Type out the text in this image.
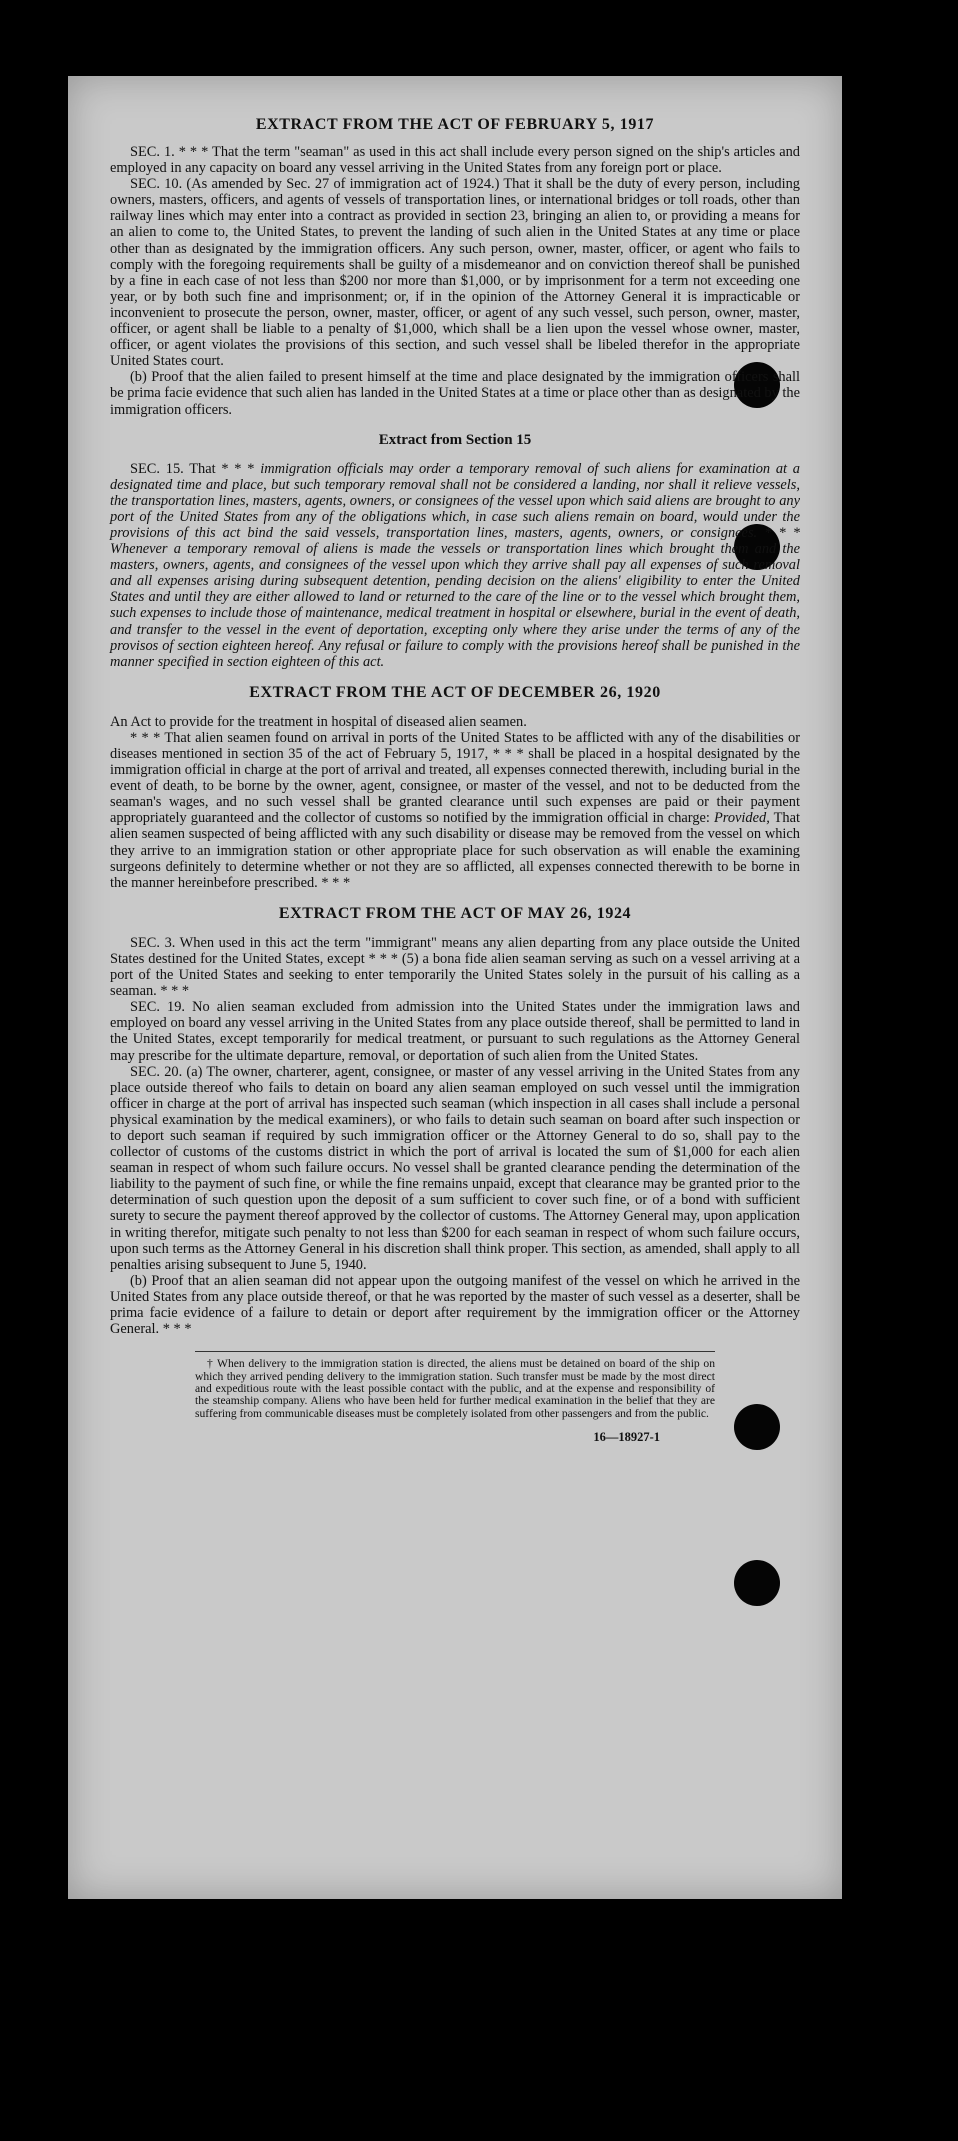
EXTRACT FROM THE ACT OF FEBRUARY 5, 1917

SEC. 1. * * * That the term "seaman" as used in this act shall include every person signed on the ship's articles and employed in any capacity on board any vessel arriving in the United States from any foreign port or place.

SEC. 10. (As amended by Sec. 27 of immigration act of 1924.) That it shall be the duty of every person, including owners, masters, officers, and agents of vessels of transportation lines, or international bridges or toll roads, other than railway lines which may enter into a contract as provided in section 23, bringing an alien to, or providing a means for an alien to come to, the United States, to prevent the landing of such alien in the United States at any time or place other than as designated by the immigration officers. Any such person, owner, master, officer, or agent who fails to comply with the foregoing requirements shall be guilty of a misdemeanor and on conviction thereof shall be punished by a fine in each case of not less than $200 nor more than $1,000, or by imprisonment for a term not exceeding one year, or by both such fine and imprisonment; or, if in the opinion of the Attorney General it is impracticable or inconvenient to prosecute the person, owner, master, officer, or agent of any such vessel, such person, owner, master, officer, or agent shall be liable to a penalty of $1,000, which shall be a lien upon the vessel whose owner, master, officer, or agent violates the provisions of this section, and such vessel shall be libeled therefor in the appropriate United States court.

(b) Proof that the alien failed to present himself at the time and place designated by the immigration officers shall be prima facie evidence that such alien has landed in the United States at a time or place other than as designated by the immigration officers.

Extract from Section 15

SEC. 15. That * * * immigration officials may order a temporary removal of such aliens for examination at a designated time and place, but such temporary removal shall not be considered a landing, nor shall it relieve vessels, the transportation lines, masters, agents, owners, or consignees of the vessel upon which said aliens are brought to any port of the United States from any of the obligations which, in case such aliens remain on board, would under the provisions of this act bind the said vessels, transportation lines, masters, agents, owners, or consignees. * * * Whenever a temporary removal of aliens is made the vessels or transportation lines which brought them and the masters, owners, agents, and consignees of the vessel upon which they arrive shall pay all expenses of such removal and all expenses arising during subsequent detention, pending decision on the aliens' eligibility to enter the United States and until they are either allowed to land or returned to the care of the line or to the vessel which brought them, such expenses to include those of maintenance, medical treatment in hospital or elsewhere, burial in the event of death, and transfer to the vessel in the event of deportation, excepting only where they arise under the terms of any of the provisos of section eighteen hereof. Any refusal or failure to comply with the provisions hereof shall be punished in the manner specified in section eighteen of this act.

EXTRACT FROM THE ACT OF DECEMBER 26, 1920

An Act to provide for the treatment in hospital of diseased alien seamen.

* * * That alien seamen found on arrival in ports of the United States to be afflicted with any of the disabilities or diseases mentioned in section 35 of the act of February 5, 1917, * * * shall be placed in a hospital designated by the immigration official in charge at the port of arrival and treated, all expenses connected therewith, including burial in the event of death, to be borne by the owner, agent, consignee, or master of the vessel, and not to be deducted from the seaman's wages, and no such vessel shall be granted clearance until such expenses are paid or their payment appropriately guaranteed and the collector of customs so notified by the immigration official in charge: Provided, That alien seamen suspected of being afflicted with any such disability or disease may be removed from the vessel on which they arrive to an immigration station or other appropriate place for such observation as will enable the examining surgeons definitely to determine whether or not they are so afflicted, all expenses connected therewith to be borne in the manner hereinbefore prescribed. * * *

EXTRACT FROM THE ACT OF MAY 26, 1924

SEC. 3. When used in this act the term "immigrant" means any alien departing from any place outside the United States destined for the United States, except * * * (5) a bona fide alien seaman serving as such on a vessel arriving at a port of the United States and seeking to enter temporarily the United States solely in the pursuit of his calling as a seaman. * * *

SEC. 19. No alien seaman excluded from admission into the United States under the immigration laws and employed on board any vessel arriving in the United States from any place outside thereof, shall be permitted to land in the United States, except temporarily for medical treatment, or pursuant to such regulations as the Attorney General may prescribe for the ultimate departure, removal, or deportation of such alien from the United States.

SEC. 20. (a) The owner, charterer, agent, consignee, or master of any vessel arriving in the United States from any place outside thereof who fails to detain on board any alien seaman employed on such vessel until the immigration officer in charge at the port of arrival has inspected such seaman (which inspection in all cases shall include a personal physical examination by the medical examiners), or who fails to detain such seaman on board after such inspection or to deport such seaman if required by such immigration officer or the Attorney General to do so, shall pay to the collector of customs of the customs district in which the port of arrival is located the sum of $1,000 for each alien seaman in respect of whom such failure occurs. No vessel shall be granted clearance pending the determination of the liability to the payment of such fine, or while the fine remains unpaid, except that clearance may be granted prior to the determination of such question upon the deposit of a sum sufficient to cover such fine, or of a bond with sufficient surety to secure the payment thereof approved by the collector of customs. The Attorney General may, upon application in writing therefor, mitigate such penalty to not less than $200 for each seaman in respect of whom such failure occurs, upon such terms as the Attorney General in his discretion shall think proper. This section, as amended, shall apply to all penalties arising subsequent to June 5, 1940.

(b) Proof that an alien seaman did not appear upon the outgoing manifest of the vessel on which he arrived in the United States from any place outside thereof, or that he was reported by the master of such vessel as a deserter, shall be prima facie evidence of a failure to detain or deport after requirement by the immigration officer or the Attorney General. * * *

† When delivery to the immigration station is directed, the aliens must be detained on board of the ship on which they arrived pending delivery to the immigration station. Such transfer must be made by the most direct and expeditious route with the least possible contact with the public, and at the expense and responsibility of the steamship company. Aliens who have been held for further medical examination in the belief that they are suffering from communicable diseases must be completely isolated from other passengers and from the public.

16—18927-1
